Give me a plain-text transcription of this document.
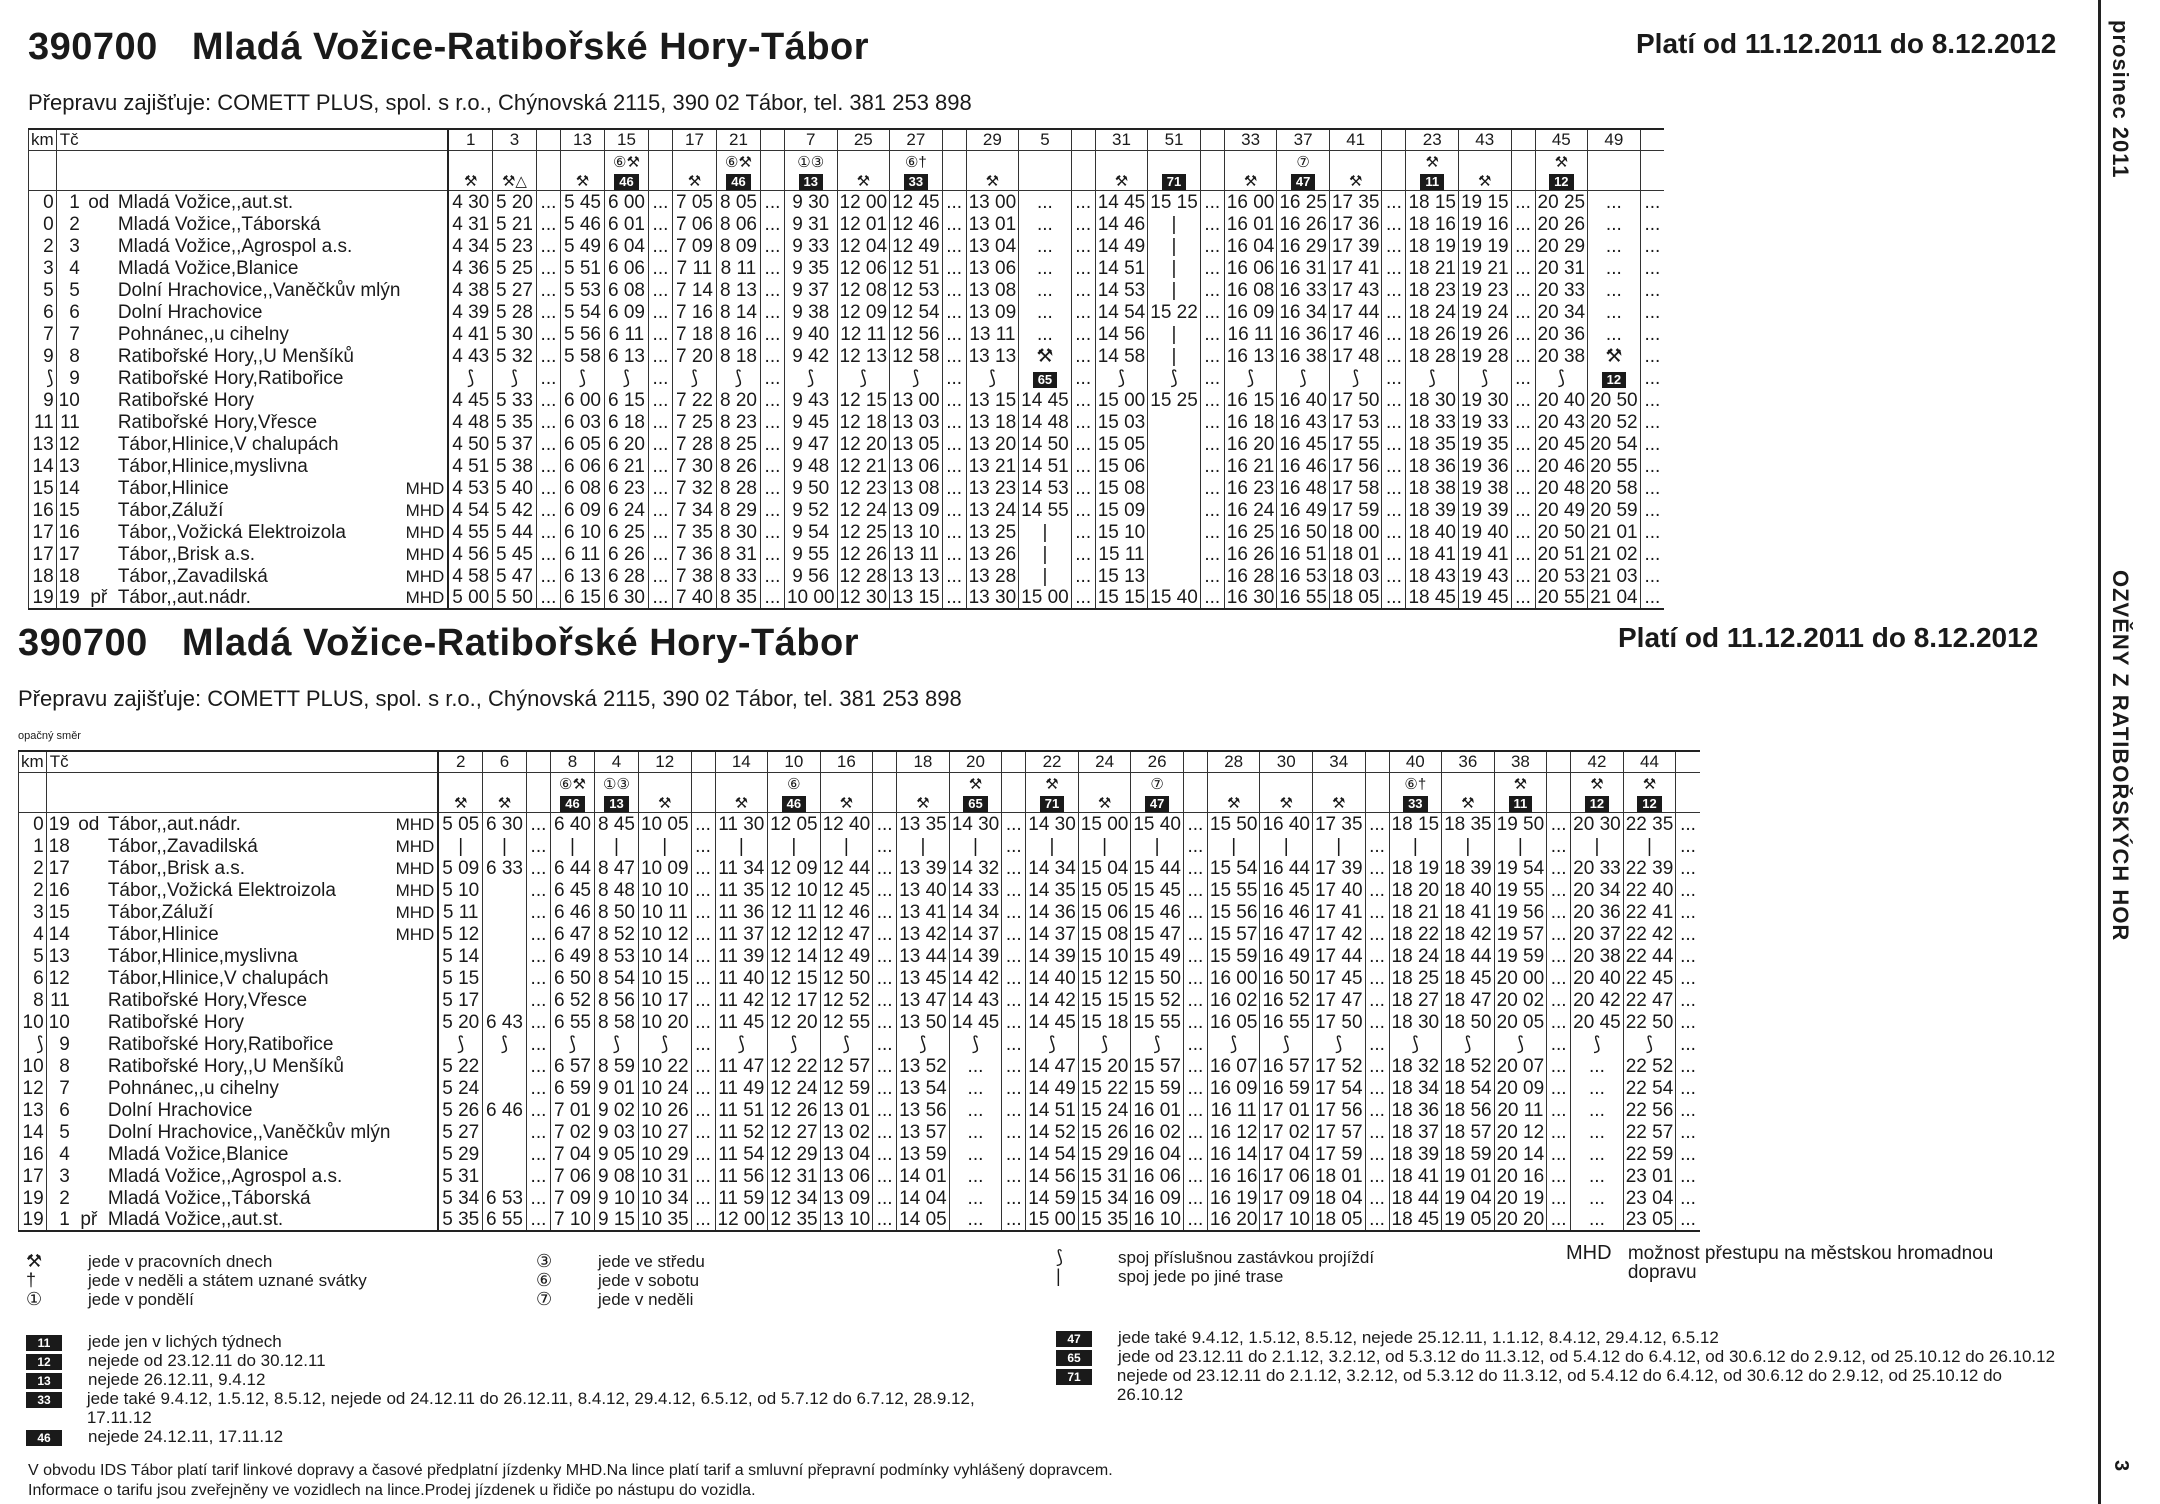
390700 Mladá Vožice-Ratibořské Hory-Tábor	Platí od 11.12.2011 do 8.12.2012
Přepravu zajišťuje: COMETT PLUS, spol. s r.o., Chýnovská 2115, 390 02 Tábor, tel. 381 253 898
km	Tč				1	3		13	15		17	21		7	25	27		29	5		31	51		33	37	41		23	43		45	49	
									⑥⚒			⑥⚒		①③		⑥†									⑦			⚒			⚒		
					⚒	⚒△		⚒	46		⚒	46		13	⚒	33		⚒			⚒	71		⚒	47	⚒		11	⚒		12		
0	1	od	Mladá Vožice,,aut.st.		4 30	5 20	...	5 45	6 00	...	7 05	8 05	...	9 30	12 00	12 45	...	13 00	...	...	14 45	15 15	...	16 00	16 25	17 35	...	18 15	19 15	...	20 25	...	...
0	2		Mladá Vožice,,Táborská		4 31	5 21	...	5 46	6 01	...	7 06	8 06	...	9 31	12 01	12 46	...	13 01	...	...	14 46	|	...	16 01	16 26	17 36	...	18 16	19 16	...	20 26	...	...
2	3		Mladá Vožice,,Agrospol a.s.		4 34	5 23	...	5 49	6 04	...	7 09	8 09	...	9 33	12 04	12 49	...	13 04	...	...	14 49	|	...	16 04	16 29	17 39	...	18 19	19 19	...	20 29	...	...
3	4		Mladá Vožice,Blanice		4 36	5 25	...	5 51	6 06	...	7 11	8 11	...	9 35	12 06	12 51	...	13 06	...	...	14 51	|	...	16 06	16 31	17 41	...	18 21	19 21	...	20 31	...	...
5	5		Dolní Hrachovice,,Vaněčkův mlýn		4 38	5 27	...	5 53	6 08	...	7 14	8 13	...	9 37	12 08	12 53	...	13 08	...	...	14 53	|	...	16 08	16 33	17 43	...	18 23	19 23	...	20 33	...	...
6	6		Dolní Hrachovice		4 39	5 28	...	5 54	6 09	...	7 16	8 14	...	9 38	12 09	12 54	...	13 09	...	...	14 54	15 22	...	16 09	16 34	17 44	...	18 24	19 24	...	20 34	...	...
7	7		Pohnánec,,u cihelny		4 41	5 30	...	5 56	6 11	...	7 18	8 16	...	9 40	12 11	12 56	...	13 11	...	...	14 56	|	...	16 11	16 36	17 46	...	18 26	19 26	...	20 36	...	...
9	8		Ratibořské Hory,,U Menšíků		4 43	5 32	...	5 58	6 13	...	7 20	8 18	...	9 42	12 13	12 58	...	13 13	⚒	...	14 58	|	...	16 13	16 38	17 48	...	18 28	19 28	...	20 38	⚒	...
⟆	9		Ratibořské Hory,Ratibořice		⟆	⟆	...	⟆	⟆	...	⟆	⟆	...	⟆	⟆	⟆	...	⟆	65	...	⟆	⟆	...	⟆	⟆	⟆	...	⟆	⟆	...	⟆	12	...
9	10		Ratibořské Hory		4 45	5 33	...	6 00	6 15	...	7 22	8 20	...	9 43	12 15	13 00	...	13 15	14 45	...	15 00	15 25	...	16 15	16 40	17 50	...	18 30	19 30	...	20 40	20 50	...
11	11		Ratibořské Hory,Vřesce		4 48	5 35	...	6 03	6 18	...	7 25	8 23	...	9 45	12 18	13 03	...	13 18	14 48	...	15 03		...	16 18	16 43	17 53	...	18 33	19 33	...	20 43	20 52	...
13	12		Tábor,Hlinice,V chalupách		4 50	5 37	...	6 05	6 20	...	7 28	8 25	...	9 47	12 20	13 05	...	13 20	14 50	...	15 05		...	16 20	16 45	17 55	...	18 35	19 35	...	20 45	20 54	...
14	13		Tábor,Hlinice,myslivna		4 51	5 38	...	6 06	6 21	...	7 30	8 26	...	9 48	12 21	13 06	...	13 21	14 51	...	15 06		...	16 21	16 46	17 56	...	18 36	19 36	...	20 46	20 55	...
15	14		Tábor,Hlinice	MHD	4 53	5 40	...	6 08	6 23	...	7 32	8 28	...	9 50	12 23	13 08	...	13 23	14 53	...	15 08		...	16 23	16 48	17 58	...	18 38	19 38	...	20 48	20 58	...
16	15		Tábor,Záluží	MHD	4 54	5 42	...	6 09	6 24	...	7 34	8 29	...	9 52	12 24	13 09	...	13 24	14 55	...	15 09		...	16 24	16 49	17 59	...	18 39	19 39	...	20 49	20 59	...
17	16		Tábor,,Vožická Elektroizola	MHD	4 55	5 44	...	6 10	6 25	...	7 35	8 30	...	9 54	12 25	13 10	...	13 25	|	...	15 10		...	16 25	16 50	18 00	...	18 40	19 40	...	20 50	21 01	...
17	17		Tábor,,Brisk a.s.	MHD	4 56	5 45	...	6 11	6 26	...	7 36	8 31	...	9 55	12 26	13 11	...	13 26	|	...	15 11		...	16 26	16 51	18 01	...	18 41	19 41	...	20 51	21 02	...
18	18		Tábor,,Zavadilská	MHD	4 58	5 47	...	6 13	6 28	...	7 38	8 33	...	9 56	12 28	13 13	...	13 28	|	...	15 13		...	16 28	16 53	18 03	...	18 43	19 43	...	20 53	21 03	...
19	19	př	Tábor,,aut.nádr.	MHD	5 00	5 50	...	6 15	6 30	...	7 40	8 35	...	10 00	12 30	13 15	...	13 30	15 00	...	15 15	15 40	...	16 30	16 55	18 05	...	18 45	19 45	...	20 55	21 04	...
390700 Mladá Vožice-Ratibořské Hory-Tábor	Platí od 11.12.2011 do 8.12.2012
Přepravu zajišťuje: COMETT PLUS, spol. s r.o., Chýnovská 2115, 390 02 Tábor, tel. 381 253 898
opačný směr
km	Tč				2	6		8	4	12		14	10	16		18	20		22	24	26		28	30	34		40	36	38		42	44	
								⑥⚒	①③				⑥				⚒		⚒		⑦						⑥†		⚒		⚒	⚒	
					⚒	⚒		46	13	⚒		⚒	46	⚒		⚒	65		71	⚒	47		⚒	⚒	⚒		33	⚒	11		12	12	
0	19	od	Tábor,,aut.nádr.	MHD	5 05	6 30	...	6 40	8 45	10 05	...	11 30	12 05	12 40	...	13 35	14 30	...	14 30	15 00	15 40	...	15 50	16 40	17 35	...	18 15	18 35	19 50	...	20 30	22 35	...
1	18		Tábor,,Zavadilská	MHD	|	|	...	|	|	|	...	|	|	|	...	|	|	...	|	|	|	...	|	|	|	...	|	|	|	...	|	|	...
2	17		Tábor,,Brisk a.s.	MHD	5 09	6 33	...	6 44	8 47	10 09	...	11 34	12 09	12 44	...	13 39	14 32	...	14 34	15 04	15 44	...	15 54	16 44	17 39	...	18 19	18 39	19 54	...	20 33	22 39	...
2	16		Tábor,,Vožická Elektroizola	MHD	5 10		...	6 45	8 48	10 10	...	11 35	12 10	12 45	...	13 40	14 33	...	14 35	15 05	15 45	...	15 55	16 45	17 40	...	18 20	18 40	19 55	...	20 34	22 40	...
3	15		Tábor,Záluží	MHD	5 11		...	6 46	8 50	10 11	...	11 36	12 11	12 46	...	13 41	14 34	...	14 36	15 06	15 46	...	15 56	16 46	17 41	...	18 21	18 41	19 56	...	20 36	22 41	...
4	14		Tábor,Hlinice	MHD	5 12		...	6 47	8 52	10 12	...	11 37	12 12	12 47	...	13 42	14 37	...	14 37	15 08	15 47	...	15 57	16 47	17 42	...	18 22	18 42	19 57	...	20 37	22 42	...
5	13		Tábor,Hlinice,myslivna		5 14		...	6 49	8 53	10 14	...	11 39	12 14	12 49	...	13 44	14 39	...	14 39	15 10	15 49	...	15 59	16 49	17 44	...	18 24	18 44	19 59	...	20 38	22 44	...
6	12		Tábor,Hlinice,V chalupách		5 15		...	6 50	8 54	10 15	...	11 40	12 15	12 50	...	13 45	14 42	...	14 40	15 12	15 50	...	16 00	16 50	17 45	...	18 25	18 45	20 00	...	20 40	22 45	...
8	11		Ratibořské Hory,Vřesce		5 17		...	6 52	8 56	10 17	...	11 42	12 17	12 52	...	13 47	14 43	...	14 42	15 15	15 52	...	16 02	16 52	17 47	...	18 27	18 47	20 02	...	20 42	22 47	...
10	10		Ratibořské Hory		5 20	6 43	...	6 55	8 58	10 20	...	11 45	12 20	12 55	...	13 50	14 45	...	14 45	15 18	15 55	...	16 05	16 55	17 50	...	18 30	18 50	20 05	...	20 45	22 50	...
⟆	9		Ratibořské Hory,Ratibořice		⟆	⟆	...	⟆	⟆	⟆	...	⟆	⟆	⟆	...	⟆	⟆	...	⟆	⟆	⟆	...	⟆	⟆	⟆	...	⟆	⟆	⟆	...	⟆	⟆	...
10	8		Ratibořské Hory,,U Menšíků		5 22		...	6 57	8 59	10 22	...	11 47	12 22	12 57	...	13 52	...	...	14 47	15 20	15 57	...	16 07	16 57	17 52	...	18 32	18 52	20 07	...	...	22 52	...
12	7		Pohnánec,,u cihelny		5 24		...	6 59	9 01	10 24	...	11 49	12 24	12 59	...	13 54	...	...	14 49	15 22	15 59	...	16 09	16 59	17 54	...	18 34	18 54	20 09	...	...	22 54	...
13	6		Dolní Hrachovice		5 26	6 46	...	7 01	9 02	10 26	...	11 51	12 26	13 01	...	13 56	...	...	14 51	15 24	16 01	...	16 11	17 01	17 56	...	18 36	18 56	20 11	...	...	22 56	...
14	5		Dolní Hrachovice,,Vaněčkův mlýn		5 27		...	7 02	9 03	10 27	...	11 52	12 27	13 02	...	13 57	...	...	14 52	15 26	16 02	...	16 12	17 02	17 57	...	18 37	18 57	20 12	...	...	22 57	...
16	4		Mladá Vožice,Blanice		5 29		...	7 04	9 05	10 29	...	11 54	12 29	13 04	...	13 59	...	...	14 54	15 29	16 04	...	16 14	17 04	17 59	...	18 39	18 59	20 14	...	...	22 59	...
17	3		Mladá Vožice,,Agrospol a.s.		5 31		...	7 06	9 08	10 31	...	11 56	12 31	13 06	...	14 01	...	...	14 56	15 31	16 06	...	16 16	17 06	18 01	...	18 41	19 01	20 16	...	...	23 01	...
19	2		Mladá Vožice,,Táborská		5 34	6 53	...	7 09	9 10	10 34	...	11 59	12 34	13 09	...	14 04	...	...	14 59	15 34	16 09	...	16 19	17 09	18 04	...	18 44	19 04	20 19	...	...	23 04	...
19	1	př	Mladá Vožice,,aut.st.		5 35	6 55	...	7 10	9 15	10 35	...	12 00	12 35	13 10	...	14 05	...	...	15 00	15 35	16 10	...	16 20	17 10	18 05	...	18 45	19 05	20 20	...	...	23 05	...
⚒	jede v pracovních dnech
†	jede v neděli a státem uznané svátky
①	jede v pondělí
③	jede ve středu
⑥	jede v sobotu
⑦	jede v neděli
⟆	spoj příslušnou zastávkou projíždí
|	spoj jede po jiné trase
MHD možnost přestupu na městskou hromadnou dopravu
11	jede jen v lichých týdnech
12	nejede od 23.12.11 do 30.12.11
13	nejede 26.12.11, 9.4.12
33	jede také 9.4.12, 1.5.12, 8.5.12, nejede od 24.12.11 do 26.12.11, 8.4.12, 29.4.12, 6.5.12, od 5.7.12 do 6.7.12, 28.9.12, 17.11.12
46	nejede 24.12.11, 17.11.12
47	jede také 9.4.12, 1.5.12, 8.5.12, nejede 25.12.11, 1.1.12, 8.4.12, 29.4.12, 6.5.12
65	jede od 23.12.11 do 2.1.12, 3.2.12, od 5.3.12 do 11.3.12, od 5.4.12 do 6.4.12, od 30.6.12 do 2.9.12, od 25.10.12 do 26.10.12
71	nejede od 23.12.11 do 2.1.12, 3.2.12, od 5.3.12 do 11.3.12, od 5.4.12 do 6.4.12, od 30.6.12 do 2.9.12, od 25.10.12 do 26.10.12
V obvodu IDS Tábor platí tarif linkové dopravy a časové předplatní jízdenky MHD.Na lince platí tarif a smluvní přepravní podmínky vyhlášený dopravcem.
Informace o tarifu jsou zveřejněny ve vozidlech na lince.Prodej jízdenek u řidiče po nástupu do vozidla.
prosinec 2011
OZVĚNY Z RATIBOŘSKÝCH HOR
3
